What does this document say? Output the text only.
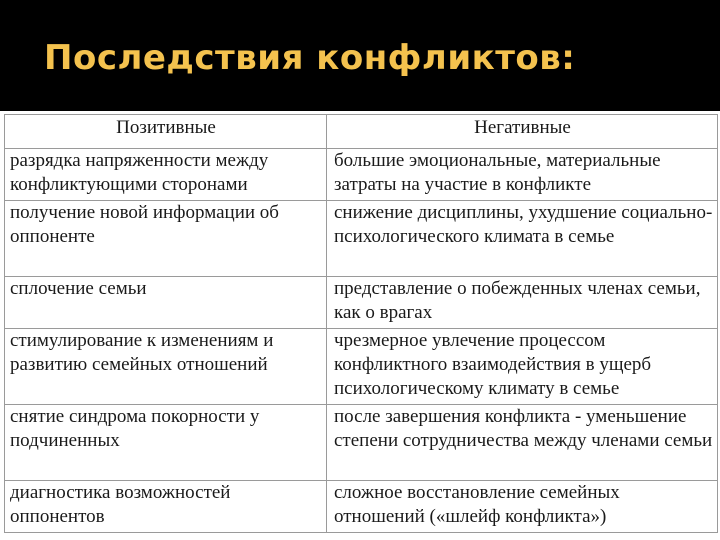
Последствия конфликтов:
Позитивные	Негативные
разрядка напряженности между конфликтующими сторонами	большие эмоциональные, материальные затраты на участие в конфликте
получение новой информации об оппоненте	снижение дисциплины, ухудшение социально-психологического климата в семье
сплочение семьи	представление о побежденных членах семьи, как о врагах
стимулирование к изменениям и развитию семейных отношений	чрезмерное увлечение процессом конфликтного взаимодействия в ущерб психологическому климату в семье
снятие синдрома покорности у подчиненных	после завершения конфликта - уменьшение степени сотрудничества между членами семьи
диагностика возможностей оппонентов	сложное восстановление семейных отношений («шлейф конфликта»)
